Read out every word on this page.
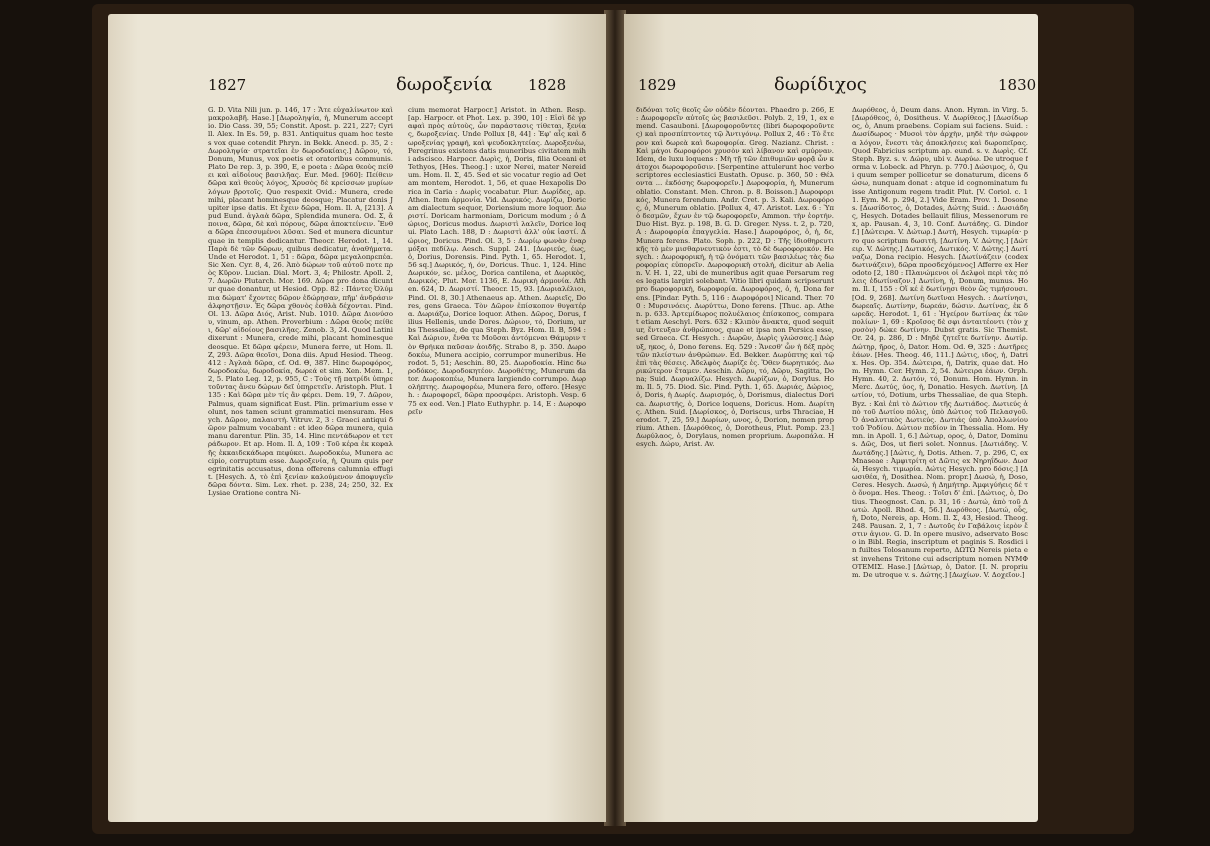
1827	δωροξενία 1828

G. D. Vita Nili jun. p. 146, 17 : Ἄτε εὐχαλίνωτον καὶ μακρολαβῆ. Hase.] [Δωροληψία, ἡ, Munerum acceptio. Dio Cass. 39, 55; Constit. Apost. p. 221, 227; Cyrill. Alex. In Es. 59, p. 831. Antiquitus quam hoc testes vox quae cotendit Phryn. in Bekk. Anecd. p. 35, 2 : Δωροληψία· στρατεῖαι ἐν δωροδοκίαις.] Δῶρον, τό, Donum, Munus, vox poetis et oratoribus communis. Plato De rep. 3, p. 390, E, e poeta : Δῶρα θεοὺς πείθει καὶ αἰδοίους βασιλῆας. Eur. Med. [960]: Πείθειν δῶρα καὶ θεοὺς λόγος, Χρυσὸς δὲ κρείσσων μυρίων λόγων βροτοῖς. Quo respexit Ovid.: Munera, crede mihi, placant hominesque deosque; Placatur donis Jupiter ipse datis. Et ἔχειν δῶρα, Hom. Il. A, [213]. Apud Eund. ἀγλαὰ δῶρα, Splendida munera. Od. Σ, ἄποινα, δῶρα, δὲ καὶ πόρους, δῶρα ἀποκτείνειν. Ἔνθα δῶρα ἐπεσσυμένοι λῦσαι. Sed et munera dicuntur quae in templis dedicantur. Theocr. Herodot. 1, 14. Παρὰ δὲ τῶν δῶρων, quibus dedicatur, ἀναθήματα. Unde et Herodot. 1, 51 : δῶρα, δῶρα μεγαλοπρεπέα. Sic Xen. Cyr. 8, 4, 26. Ἀπὸ δώρων τοῦ αὐτοῦ ποτε πρὸς Κῦρον. Lucian. Dial. Mort. 3, 4; Philostr. Apoll. 2, 7. Δωρῶν Plutarch. Mor. 169. Δῶρα pro dona dicuntur quae donantur, ut Hesiod. Opp. 82 : Πάντες Ὀλύμπια δώματ' ἔχοντες δῶρον ἐδώρησαν, πῆμ' ἀνδράσιν ἀλφηστῇσιν. Ἐς δῶρα χθονὸς ἐσθλὰ δέχονται. Pind. Ol. 13. Δῶρα Διός, Arist. Nub. 1010. Δῶρα Διονύσου, vinum, ap. Athen. Proverbium : Δῶρα θεοὺς πείθει, δῶρ' αἰδοίους βασιλῆας. Zenob. 3, 24. Quod Latini dixerunt : Munera, crede mihi, placant hominesque deosque. Et δῶρα φέρειν, Munera ferre, ut Hom. Il. Z, 293. Δῶρα θεοῖσι, Dona diis. Apud Hesiod. Theog. 412 : Ἀγλαὰ δῶρα, cf. Od. Θ, 387. Hinc δωροφόρος, δωροδοκέω, δωροδοκία, δωρεά et sim. Xen. Mem. 1, 2, 5. Plato Leg. 12, p. 955, C : Τοὺς τῇ πατρίδι ὑπηρετοῦντας ἄνευ δώρων δεῖ ὑπηρετεῖν. Aristoph. Plut. 1135 : Καὶ δῶρα μὲν τίς ἂν φέρει. Dem. 19, 7. Δῶρον, Palmus, quam significat Eust. Plin. primarium esse volunt, nos tamen sciunt grammatici mensuram. Hesych. Δῶρον, παλαιστή. Vitruv. 2, 3 : Graeci antiqui δῶρον palmum vocabant : et ideo δῶρα munera, quia manu darentur. Plin. 35, 14. Hinc πεντάδωρον et τετράδωρον. Et ap. Hom. Il. Δ, 109 : Τοῦ κέρα ἐκ κεφαλῆς ἑκκαιδεκάδωρα πεφύκει. Δωροδοκέω, Munera accipio, corruptum esse. Δωροξενία, ἡ, Quum quis peregrinitatis accusatus, dona offerens calumnia effugit. [Hesych. Δ, τὸ ἐπὶ ξενίαν καλούμενον ἀποφυγεῖν δῶρα δόντα. Sim. Lex. rhet. p. 238, 24; 250, 32. Ex Lysiae Oratione contra Ni-

cium memorat Harpocr.] Aristot. in Athen. Resp. [ap. Harpocr. et Phot. Lex. p. 390, 10] : Εἰσὶ δὲ γραφαὶ πρὸς αὐτοὺς, ὧν παράστασις τίθεται, ξενίας, δωροξενίας. Unde Pollux [8, 44] : Ἐφ' αἷς καὶ δωροξενίας γραφή, καὶ ψευδοκλητείας. Δωροξενέω, Peregrinus existens datis muneribus civitatem mihi adsciscо. Harpocr. Δωρὶς, ἡ, Doris, filia Oceani et Tethyos, [Hes. Theog.] : uxor Nerei, mater Nereidum. Hom. Il. Σ, 45. Sed et sic vocatur regio ad Oetam montem, Herodot. 1, 56, et quae Hexapolis Dorica in Caria : Δωρὶς vocabatur. Plur. Δωρίδες, ap. Athen. Item ἁρμονία. Vid. Δωρικός. Δωρίζω, Doricam dialectum sequor, Doriensium more loquor. Δωριστί. Doricam harmoniam, Doricum modum ; ὁ Δώριος, Doricus modus. Δωριστὶ λαλεῖν, Dorice loqui. Plato Lach. 188, D : Δωριστὶ ἀλλ' οὐκ ἰαστί. Δώριος, Doricus. Pind. Ol. 3, 5 : Δωρίῳ φωνὰν ἐναρμόξαι πεδίλῳ. Aesch. Suppl. 241. [Δωριεύς, έως, ὁ, Dorius, Dorensis. Pind. Pyth. 1, 65. Herodot. 1, 56 sq.] Δωρικός, ή, όν, Doricus. Thuc. 1, 124. Hinc Δωρικόν, sc. μέλος, Dorica cantilena, et Δωρικὸς, Δωρικός. Plut. Mor. 1136, E. Δωρικὴ ἁρμονία. Athen. 624, D. Δωριστί. Theocr. 15, 93. [Δωριαλέλιοι, Pind. Ol. 8, 30.] Athenaeus ap. Athen. Δωριεῖς, Dores, gens Graeca. Τὸν Δῶρον ἐπίσκοπον θυγατέρα. Δωριάζω, Dorice loquor. Athen. Δῶρος, Dorus, filius Hellenis, unde Dores. Δώριον, τό, Dorium, urbs Thessaliae, de qua Steph. Byz. Hom. Il. B, 594 : Καὶ Δώριον, ἔνθα τε Μοῦσαι ἀντόμεναι Θάμυριν τὸν Θρήικα παῦσαν ἀοιδῆς. Strabo 8, p. 350. Δωροδοκέω, Munera accipio, corrumpor muneribus. Herodot. 5, 51; Aeschin. 80, 25. Δωροδοκία. Hinc δωροδόκος. Δωροδοκητέον. Δωροθέτης, Munerum dator. Δωροκοπέω, Munera largiendo corrumpo. Δωρολήπτης. Δωροφορέω, Munera fero, offero. [Hesych. : Δωροφορεῖ, δῶρα προσφέρει. Aristoph. Vesp. 675 ex eod. Ven.] Plato Euthyphr. p. 14, E : Δωροφορεῖν

1829	δωρίδιχος	1830

διδόναι τοῖς θεοῖς ὧν οὐδὲν δέονται. Phaedro p. 266, E : Δωροφορεῖν αὐτοῖς ὡς βασιλεῦσι. Polyb. 2, 19, 1, ex emend. Casauboni. [Δωροφοροῦντες (libri δωροφοροῦντες) καὶ προσπίπτοντες τῷ Ἀντιγόνῳ. Pollux 2, 46 : Τὸ ἕτερον καὶ δωρεὰ καὶ δωροφορία. Greg. Nazianz. Christ. : Καὶ μάγοι δωροφόροι χρυσὸν καὶ λίβανον καὶ σμύρναν. Idem, de luxu loquens : Μὴ τῇ τῶν ἐπιθυμιῶν φορᾷ ὧν κάτοχοι δωροφοροῦσιν. [Serpentine attulerunt hoc verbo scriptores ecclesiastici Eustath. Opusc. p. 360, 50 : Θέλοντα ... ἐκδόσης δωροφορεῖν.] Δωροφορία, ἡ, Munerum oblatio. Constant. Men. Chron. p. 8. Boisson.] Δωροφορικός, Munera ferendum. Andr. Cret. p. 3. Kali. Δωροφόρος, ὁ, Munerum oblatio. [Pollux 4, 47. Aristot. Lex. 6 : Ὑπὸ δεσμῶν, ἔχων ἐν τῷ δωροφορεῖν, Ammon. τὴν ἑορτήν. Duo Hist. Byz. p. 198, B. G. D. Greger. Nyss. t. 2, p. 720, A : Δωροφορία ἐπαγγελία. Hase.] Δωροφόρος, ὁ, ἡ, δε, Munera ferens. Plato. Soph. p. 222, D : Τῆς ἰδιοθηρευτικῆς τὸ μὲν μισθαρνευτικὸν ἐστι, τὸ δὲ δωροφορικόν. Hesych. : Δωροφορική, ἡ τῷ ὀνόματι τῶν βασιλέως τὰς δωροφορίας εὐπορεῖν. Δωροφορικὴ στολή, dicitur ab Aelian. V. H. 1, 22, ubi de muneribus agit quae Persarum reges legatis largiri solebant. Vitio libri quidam scripserunt pro δωροφορικὴ, δωροφορία. Δωροφόρος, ὁ, ἡ, Dona ferens. [Pindar. Pyth. 5, 116 : Δωροφόροι] Nicand. Ther. 700 : Μυρσινόεις. Δωρύττω, Dono ferens. [Thuc. ap. Athen. p. 633. Ἀρτεμίδωρος πολυέλαιος ἐπίσκοπος, comparat etiam Aeschyl. Pers. 632 : Κλιπὸν ἄνακτα, quod sequitur, ἔντευξαν ἀνθρώπους, quae et ipsa non Persica esse, sed Graeca. Cf. Hesych. : Δωρῶν, Δωρὶς γλώσσας.] Δώρυξ, ηκος, ὁ, Dono ferens. Eq. 529 : Ἄνεσθ' ὧν ἡ δέξ πρὸς τῶν πλείστων ἀνθρώπων. Ed. Bekker. Δωρύπτης καὶ τῷ ἐπὶ τὰς θέσεις. Ἀδελφὸς Δωρίζε ἐς. Ὅθεν δωρητικός. Δωρικώτερον ἔταμεν. Aeschin. Δῶρυ, τό, Δῶρυ, Sagitta, Dona; Suid. Δωρυαλίζω. Hesych. Δωρίζων, ὁ, Dorylus. Hom. Il. 5, 75. Diod. Sic. Pind. Pyth. 1, 65. Δωριάς, Δώριος, ὁ, Doris, ἡ Δωρίς. Δωρισμός, ὁ, Dorismus, dialectus Dorica. Δωριστής, ὁ, Dorice loquens, Doricus. Hom. Δωρίτης. Athen. Suid. [Δωρίσκος, ὁ, Doriscus, urbs Thraciae, Herodot. 7, 25, 59.] Δωρίων, ωνος, ὁ, Dorion, nomen proprium. Athen. [Δωρόθεος, ὁ, Dorotheus, Plut. Pomp. 23.] Δωρύλαος, ὁ, Dorylaus, nomen proprium. Δωροπάλα. Hesych. Δώρυ, Arist. Av.

Δωρόθεος, ὁ, Deum dans. Anon. Hymn. in Virg. 5. [Δωρόθεος, ὁ, Dositheus. V. Δωρίθεος.] [Δωσίδωρος, ὁ, Anum praebens. Copiam sui faciens. Suid. : Δωσίδωρος · Μυσοὶ τὸν ἀρχὴν, μηδὲ τὴν σώφρονα λόγον, ἔνεστι τὰς ἀποκλήσεις καὶ δωροπεῖρας. Quod Fabricius scriptum ap. eund. s. v. Δωρὶς. Cf. Steph. Byz. s. v. Δώρυ, ubi v. Δωρύω. De utroque forma v. Lobeck. ad Phryn. p. 770.] Δώσιμος, ὁ, Qui quum semper pollicetur se donaturum, dicens δώσω, nunquam donat : atque id cognominatum fuisse Antigonum regem tradit Plut. [V. Coriol. c. 11. Eym. M. p. 294, 2.] Vide Eram. Prov. 1. Dosones. [Δωσίδοτος, ὁ, Dotades, Δώτης Suid. : Δωσιάδης, Hesych. Dotades bellauit filius, Messenorum rex, ap. Pausan. 4, 3, 10. Conf. Δωτάδης. G. Dindorf.] [Δώτειρα. V. Δώτωρ.] Δωτή, Hesych. τιμωρία· pro quo scriptum δωσιτή. [Δωτίνη. V. Δώτης.] [Δώτειρ. V. Δώτης.] Δωτικός, Δωτικός. V. Δώτης.] Δωτίναζω, Dona recipio. Hesych. [Δωτίνάζειν (codex δωτινάζειν), δῶρα προσδεχόμενος] Afferre ex Herodoto [2, 180 : Πλανώμενοι οἱ Δελφοὶ περὶ τὰς πόλεις ἐδωτίναζον.] Δωτίνη, ἡ, Donum, munus. Hom. Il. I, 155 : Οἵ κέ ἑ δωτίνῃσι θεὸν ὣς τιμήσουσι. [Od. 9, 268]. Δωτίνη δωτῖναι Hesych. : Δωτίνησι, δωρεαῖς. Δωτίνην, δωρεάν, δώσιν. Δωτίνας, ἐκ δωρεᾶς. Herodot. 1, 61 : Ἠγείρον δωτίνας ἐκ τῶν πολίων· 1, 69 : Κροῖσος δὲ σφι ἀνταιτέοντι (τὸν χρυσὸν) δώκε δωτίνην. Dubst gratis. Sic Themist. Or. 24, p. 286, D : Μηδὲ ζητεῖτε δωτίνην. Δωτίρ. Δώτηρ, ῆρος, ὁ, Dator. Hom. Od. Θ, 325 : Δωτῆρες ἐάων. [Hes. Theog. 46, 111.] Δώτις, ιδος, ἡ, Datrix. Hes. Op. 354. Δώτειρα, ἡ, Datrix, quae dat. Hom. Hymn. Cer. Hymn. 2, 54. Δώτειρα ἐάων. Orph. Hymn. 40, 2. Δωτόν, τό, Donum. Hom. Hymn. in Merc. Δωτύς, ύος, ἡ, Donatio. Hesych. Δωτίνη. [Δωτίον, τό, Dotium, urbs Thessaliae, de qua Steph. Byz. : Καὶ ἐπὶ τὸ Δώτιον τῆς Δωτιάδος. Δωτιεύς ἀπὸ τοῦ Δωτίου πόλις, ὑπὸ Δώτιος τοῦ Πελασγοῦ. Ὁ ἀναλυτικὸς Δωτιεύς. Δωτιάς ὑπὸ Ἀπολλωνίου τοῦ Ῥοδίου. Δώτιον πεδίον in Thessalia. Hom. Hymn. in Apoll. 1, 6.] Δώτωρ, ορος, ὁ, Dator, Dominus. Δῶς, Dos, ut fieri solet. Nonnus. [Δωτιάδης. V. Δωτάδης.] [Δώτις, ἡ, Dotis. Athen. 7, p. 296, C, ex Mnaseae : Ἀμφιτρίτη et Δῶτις ex Νηρηΐδων. Δωσὼ, Hesych. τιμωρία. Δώτις Hesych. pro δόσις.] [Δωσιθέα, ἡ, Dosithea. Nom. propr.] Δωσώ, ἡ, Doso, Ceres. Hesych. Δωσώ, ἡ Δημήτηρ. Ἀμφιγύήεις δέ τὸ ὄνομα. Hes. Theog. : Τοῖσι δ' ἐπὶ. [Δώτιος, ὁ, Dotius. Theognost. Can. p. 31, 16 : Δωτώ, ἀπὸ τοῦ Δωτώ. Apoll. Rhod. 4, 56.] Δωρόθεος. [Δωτώ, οὗς, ἡ, Doto, Nereis, ap. Hom. Il. Σ, 43, Hesiod. Theog. 248. Pausan. 2, 1, 7 : Δωτοῦς ἐν Γαβάλοις ἱερὸν ἔστιν ἀγιον. G. D. In opere musivo, adservato Bosco in Bibl. Regia, inscriptum et paginis S. Rosdici in fuiltes Tolosanum reperto, ΔΩΤΩ Nereis pieta est invehens Tritone cui adscriptum nomen ΝΥΜΦΟΤΕΜΙΣ. Hase.] [Δώτωρ, ὁ, Dator. [I. N. proprium. De utroque v. s. Δώτης.] [Δωχίων. V. Δοχεῖον.]
